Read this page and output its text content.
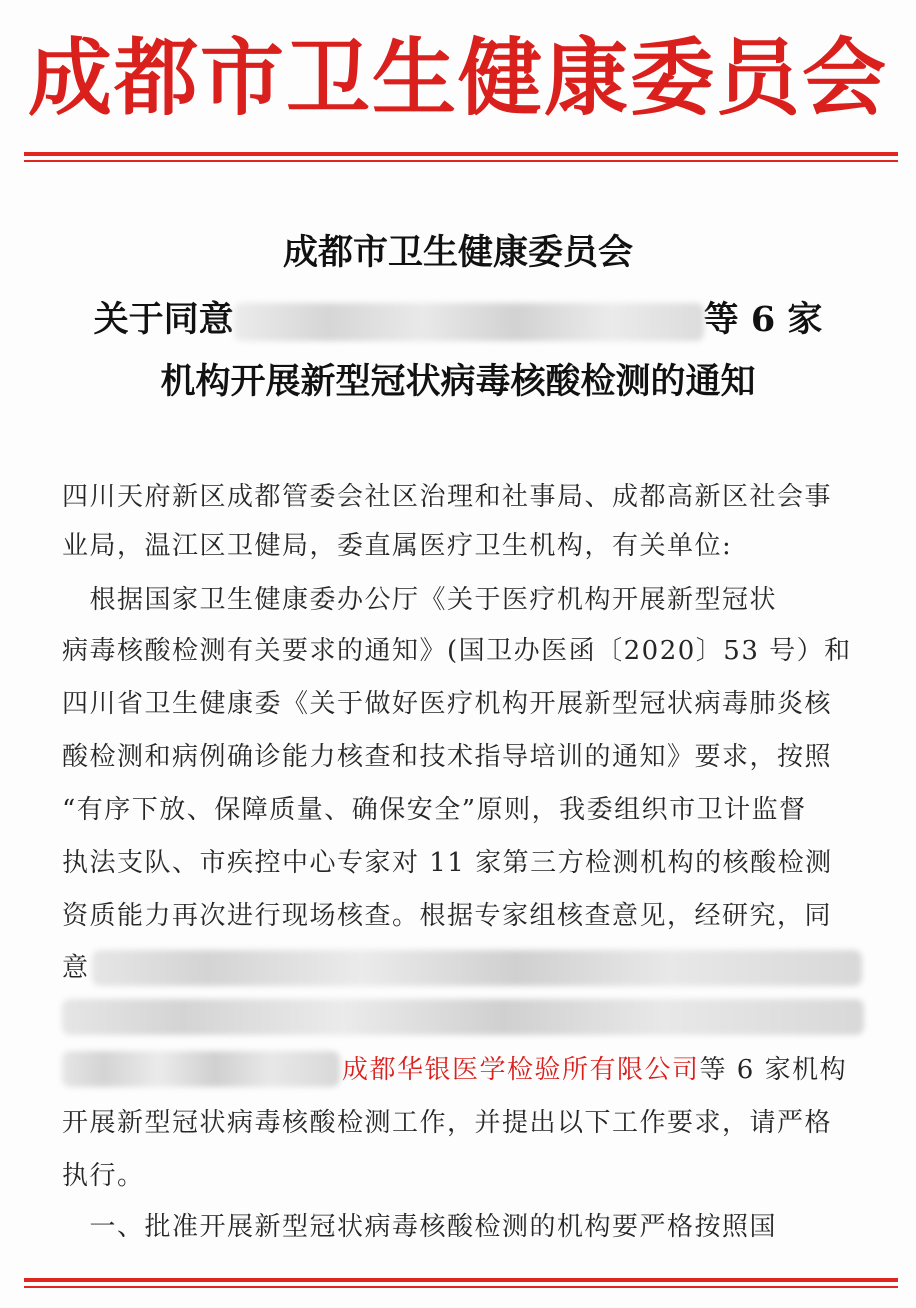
成都市卫生健康委员会
成都市卫生健康委员会
关于同意	等 6 家
机构开展新型冠状病毒核酸检测的通知
四川天府新区成都管委会社区治理和社事局、成都高新区社会事
业局，温江区卫健局，委直属医疗卫生机构，有关单位:
　根据国家卫生健康委办公厅《关于医疗机构开展新型冠状
病毒核酸检测有关要求的通知》(国卫办医函〔2020〕53 号）和
四川省卫生健康委《关于做好医疗机构开展新型冠状病毒肺炎核
酸检测和病例确诊能力核查和技术指导培训的通知》要求，按照
“有序下放、保障质量、确保安全”原则，我委组织市卫计监督
执法支队、市疾控中心专家对 11 家第三方检测机构的核酸检测
资质能力再次进行现场核查。根据专家组核查意见，经研究，同
意
成都华银医学检验所有限公司等 6 家机构
开展新型冠状病毒核酸检测工作，并提出以下工作要求，请严格
执行。
　一、批准开展新型冠状病毒核酸检测的机构要严格按照国
